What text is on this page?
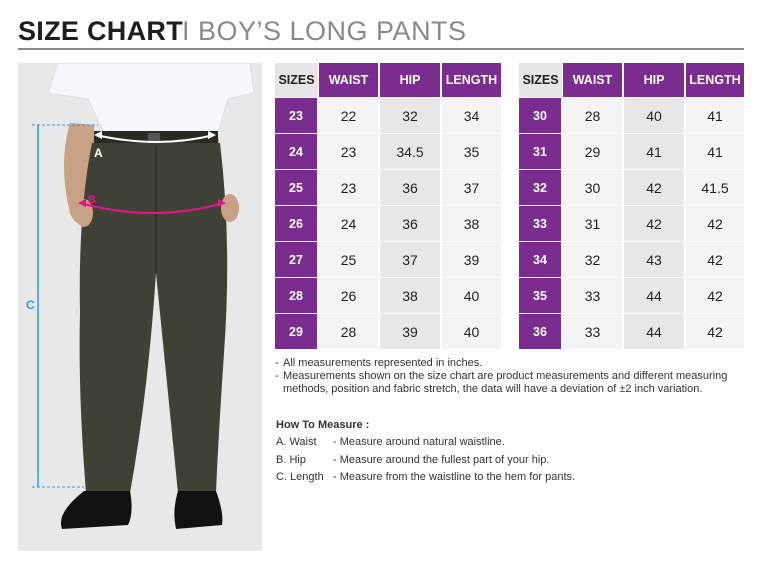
SIZE CHART I BOY’S LONG PANTS
A
B
C
SIZES	WAIST	HIP	LENGTH
23	22	32	34
24	23	34.5	35
25	23	36	37
26	24	36	38
27	25	37	39
28	26	38	40
29	28	39	40
SIZES	WAIST	HIP	LENGTH
30	28	40	41
31	29	41	41
32	30	42	41.5
33	31	42	42
34	32	43	42
35	33	44	42
36	33	44	42
- All measurements represented in inches.
- Measurements shown on the size chart are product measurements and different measuring methods, position and fabric stretch, the data will have a deviation of ±2 inch variation.
How To Measure :
A. Waist - Measure around natural waistline.
B. Hip - Measure around the fullest part of your hip.
C. Length - Measure from the waistline to the hem for pants.
